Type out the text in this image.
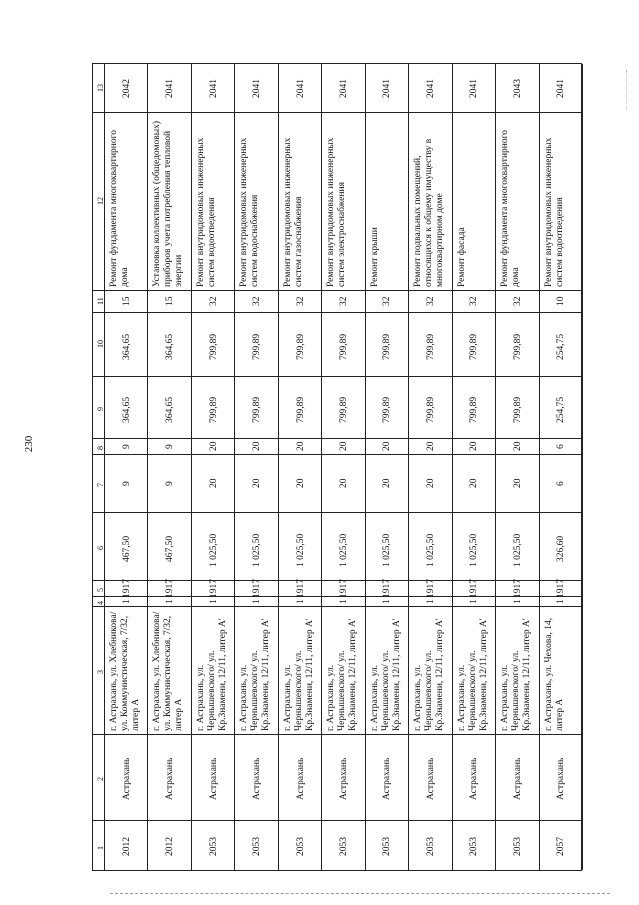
230
13
12
11
10
9
8
7
6
5
4
3
2
1
2042
Ремонт фундамента многоквартирного дома
15
364,65
364,65
9
9
467,50
1917
1
г. Астрахань, ул. Хлебникова/ ул. Коммунистическая, 7/32, литер А
Астрахань
2012
2041
Установка коллективных (общедомовых) приборов учета потребления тепловой энергии
15
364,65
364,65
9
9
467,50
1917
1
г. Астрахань, ул. Хлебникова/ ул. Коммунистическая, 7/32, литер А
Астрахань
2012
2041
Ремонт внутридомовых инженерных систем водоотведения
32
799,89
799,89
20
20
1 025,50
1917
1
г. Астрахань, ул. Чернышевского/ ул. Кр.Знамени, 12/11, литер А'
Астрахань
2053
2041
Ремонт внутридомовых инженерных систем водоснабжения
32
799,89
799,89
20
20
1 025,50
1917
1
г. Астрахань, ул. Чернышевского/ ул. Кр.Знамени, 12/11, литер А'
Астрахань
2053
2041
Ремонт внутридомовых инженерных систем газоснабжения
32
799,89
799,89
20
20
1 025,50
1917
1
г. Астрахань, ул. Чернышевского/ ул. Кр.Знамени, 12/11, литер А'
Астрахань
2053
2041
Ремонт внутридомовых инженерных систем электроснабжения
32
799,89
799,89
20
20
1 025,50
1917
1
г. Астрахань, ул. Чернышевского/ ул. Кр.Знамени, 12/11, литер А'
Астрахань
2053
2041
Ремонт крыши
32
799,89
799,89
20
20
1 025,50
1917
1
г. Астрахань, ул. Чернышевского/ ул. Кр.Знамени, 12/11, литер А'
Астрахань
2053
2041
Ремонт подвальных помещений, относящихся к общему имуществу в многоквартирном доме
32
799,89
799,89
20
20
1 025,50
1917
1
г. Астрахань, ул. Чернышевского/ ул. Кр.Знамени, 12/11, литер А'
Астрахань
2053
2041
Ремонт фасада
32
799,89
799,89
20
20
1 025,50
1917
1
г. Астрахань, ул. Чернышевского/ ул. Кр.Знамени, 12/11, литер А'
Астрахань
2053
2043
Ремонт фундамента многоквартирного дома
32
799,89
799,89
20
20
1 025,50
1917
1
г. Астрахань, ул. Чернышевского/ ул. Кр.Знамени, 12/11, литер А'
Астрахань
2053
2041
Ремонт внутридомовых инженерных систем водоотведения
10
254,75
254,75
6
6
326,60
1917
1
г. Астрахань, ул. Чехова, 14, литер А
Астрахань
2057
